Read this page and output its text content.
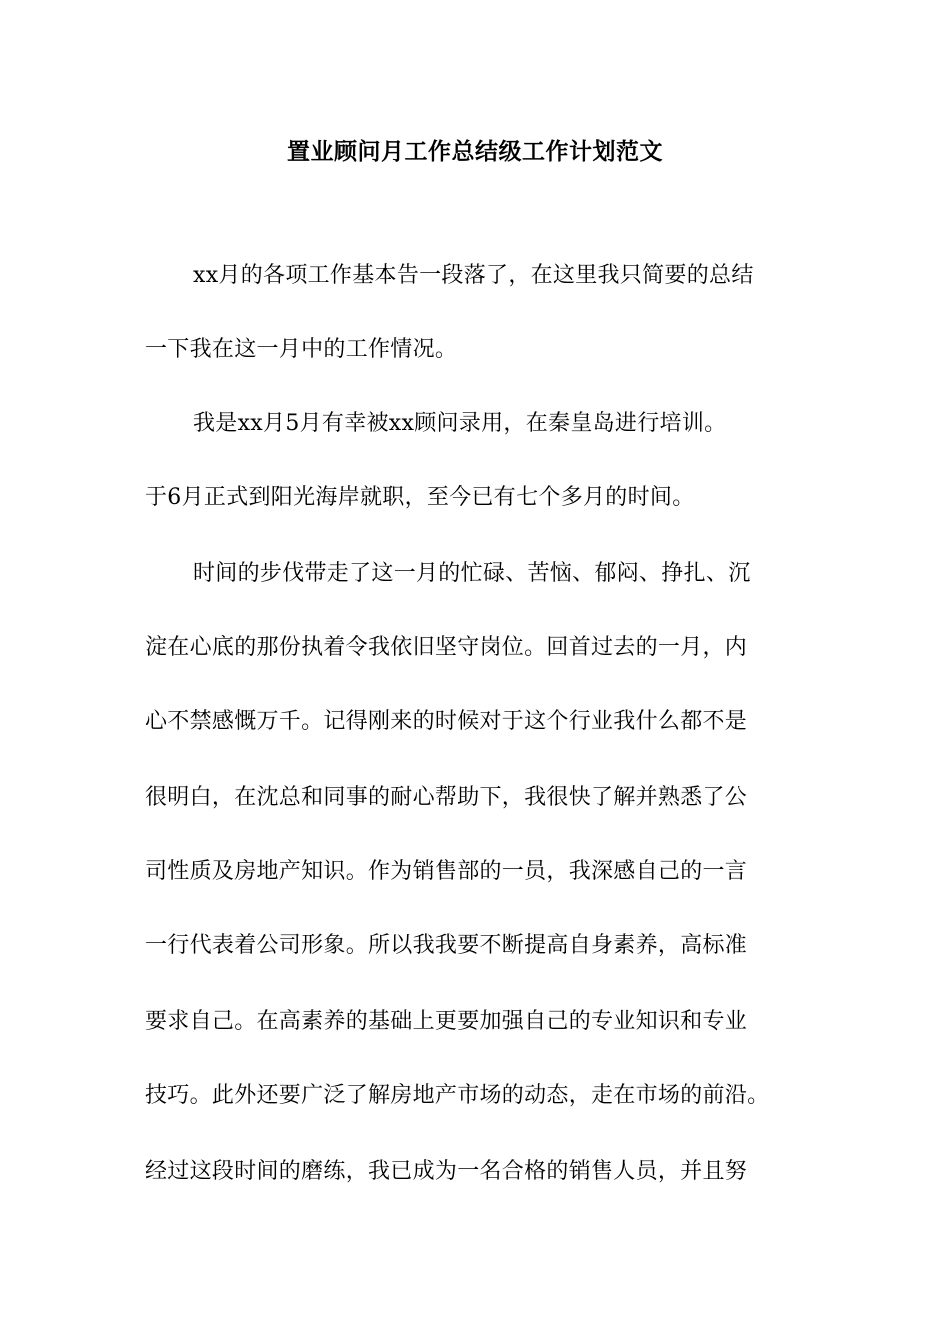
置业顾问月工作总结级工作计划范文
xx月的各项工作基本告一段落了，在这里我只简要的总结
一下我在这一月中的工作情况。
我是xx月5月有幸被xx顾问录用，在秦皇岛进行培训。
于6月正式到阳光海岸就职，至今已有七个多月的时间。
时间的步伐带走了这一月的忙碌、苦恼、郁闷、挣扎、沉
淀在心底的那份执着令我依旧坚守岗位。回首过去的一月，内
心不禁感慨万千。记得刚来的时候对于这个行业我什么都不是
很明白，在沈总和同事的耐心帮助下，我很快了解并熟悉了公
司性质及房地产知识。作为销售部的一员，我深感自己的一言
一行代表着公司形象。所以我我要不断提高自身素养，高标准
要求自己。在高素养的基础上更要加强自己的专业知识和专业
技巧。此外还要广泛了解房地产市场的动态，走在市场的前沿。
经过这段时间的磨练，我已成为一名合格的销售人员，并且努
